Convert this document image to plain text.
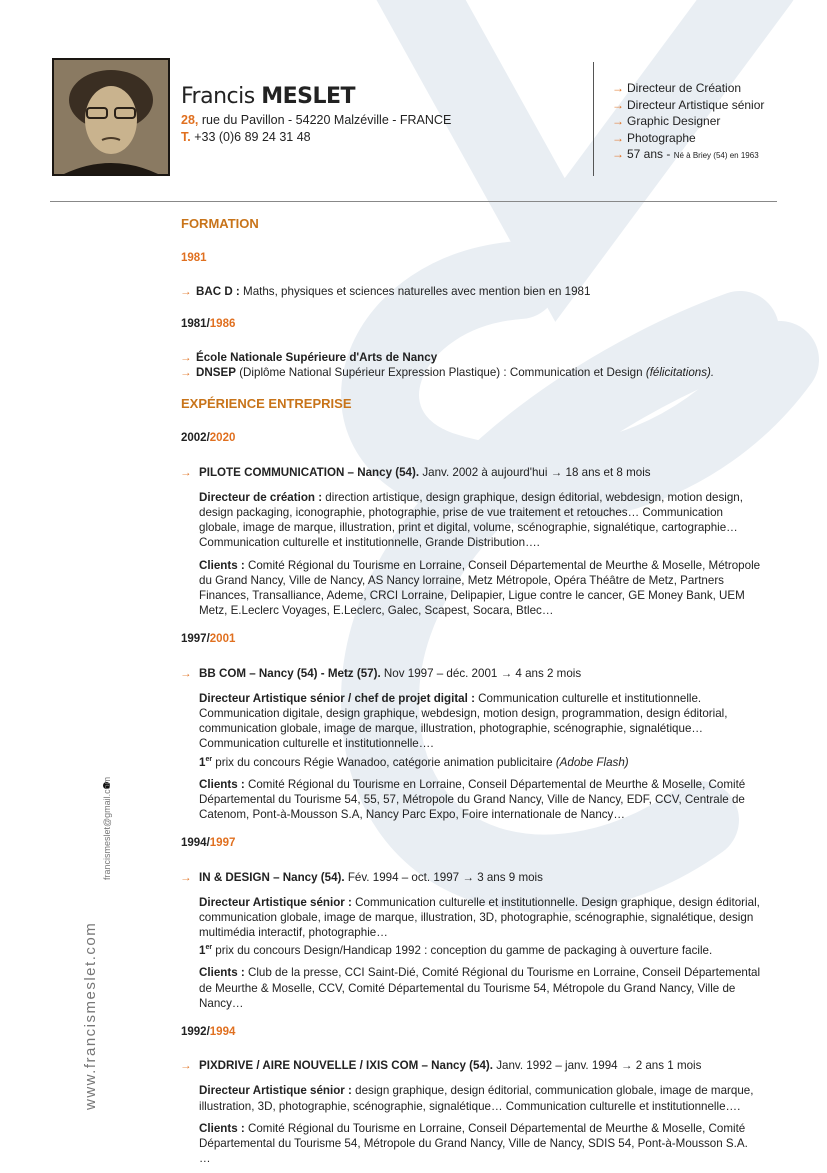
Francis MESLET
28, rue du Pavillon - 54220 Malzéville - FRANCE
T. +33 (0)6 89 24 31 48
→ Directeur de Création
→ Directeur Artistique sénior
→ Graphic Designer
→ Photographe
→ 57 ans - Né à Briey (54) en 1963
francismeslet@gmail.com
www.francismeslet.com
FORMATION
1981

→ BAC D : Maths, physiques et sciences naturelles avec mention bien en 1981

1981/1986

→ École Nationale Supérieure d'Arts de Nancy

→ DNSEP (Diplôme National Supérieur Expression Plastique) : Communication et Design (félicitations).

EXPÉRIENCE ENTREPRISE
2002/2020

→ PILOTE COMMUNICATION – Nancy (54). Janv. 2002 à aujourd'hui → 18 ans et 8 mois

Directeur de création : direction artistique, design graphique, design éditorial, webdesign, motion design, design packaging, iconographie, photographie, prise de vue traitement et retouches… Communication globale, image de marque, illustration, print et digital, volume, scénographie, signalétique, cartographie… Communication culturelle et institutionnelle, Grande Distribution….

Clients : Comité Régional du Tourisme en Lorraine, Conseil Départemental de Meurthe & Moselle, Métropole du Grand Nancy, Ville de Nancy, AS Nancy lorraine, Metz Métropole, Opéra Théâtre de Metz, Partners Finances, Transalliance, Ademe, CRCI Lorraine, Delipapier, Ligue contre le cancer, GE Money Bank, UEM Metz, E.Leclerc Voyages, E.Leclerc, Galec, Scapest, Socara, Btlec…

1997/2001

→ BB COM – Nancy (54) - Metz (57). Nov 1997 – déc. 2001 → 4 ans 2 mois

Directeur Artistique sénior / chef de projet digital : Communication culturelle et institutionnelle. Communication digitale, design graphique, webdesign, motion design, programmation, design éditorial, communication globale, image de marque, illustration, photographie, scénographie, signalétique… Communication culturelle et institutionnelle….
1er prix du concours Régie Wanadoo, catégorie animation publicitaire (Adobe Flash)

Clients : Comité Régional du Tourisme en Lorraine, Conseil Départemental de Meurthe & Moselle, Comité Départemental du Tourisme 54, 55, 57, Métropole du Grand Nancy, Ville de Nancy, EDF, CCV, Centrale de Catenom, Pont-à-Mousson S.A, Nancy Parc Expo, Foire internationale de Nancy…

1994/1997

→ IN & DESIGN – Nancy (54). Fév. 1994 – oct. 1997 → 3 ans 9 mois

Directeur Artistique sénior : Communication culturelle et institutionnelle. Design graphique, design éditorial, communication globale, image de marque, illustration, 3D, photographie, scénographie, signalétique, design multimédia interactif, photographie…
1er prix du concours Design/Handicap 1992 : conception du gamme de packaging à ouverture facile.

Clients : Club de la presse, CCI Saint-Dié, Comité Régional du Tourisme en Lorraine, Conseil Départemental de Meurthe & Moselle, CCV, Comité Départemental du Tourisme 54, Métropole du Grand Nancy, Ville de Nancy…

1992/1994

→ PIXDRIVE / AIRE NOUVELLE / IXIS COM – Nancy (54). Janv. 1992 – janv. 1994 → 2 ans 1 mois

Directeur Artistique sénior : design graphique, design éditorial, communication globale, image de marque, illustration, 3D, photographie, scénographie, signalétique… Communication culturelle et institutionnelle….

Clients : Comité Régional du Tourisme en Lorraine, Conseil Départemental de Meurthe & Moselle, Comité Départemental du Tourisme 54, Métropole du Grand Nancy, Ville de Nancy, SDIS 54, Pont-à-Mousson S.A. …
